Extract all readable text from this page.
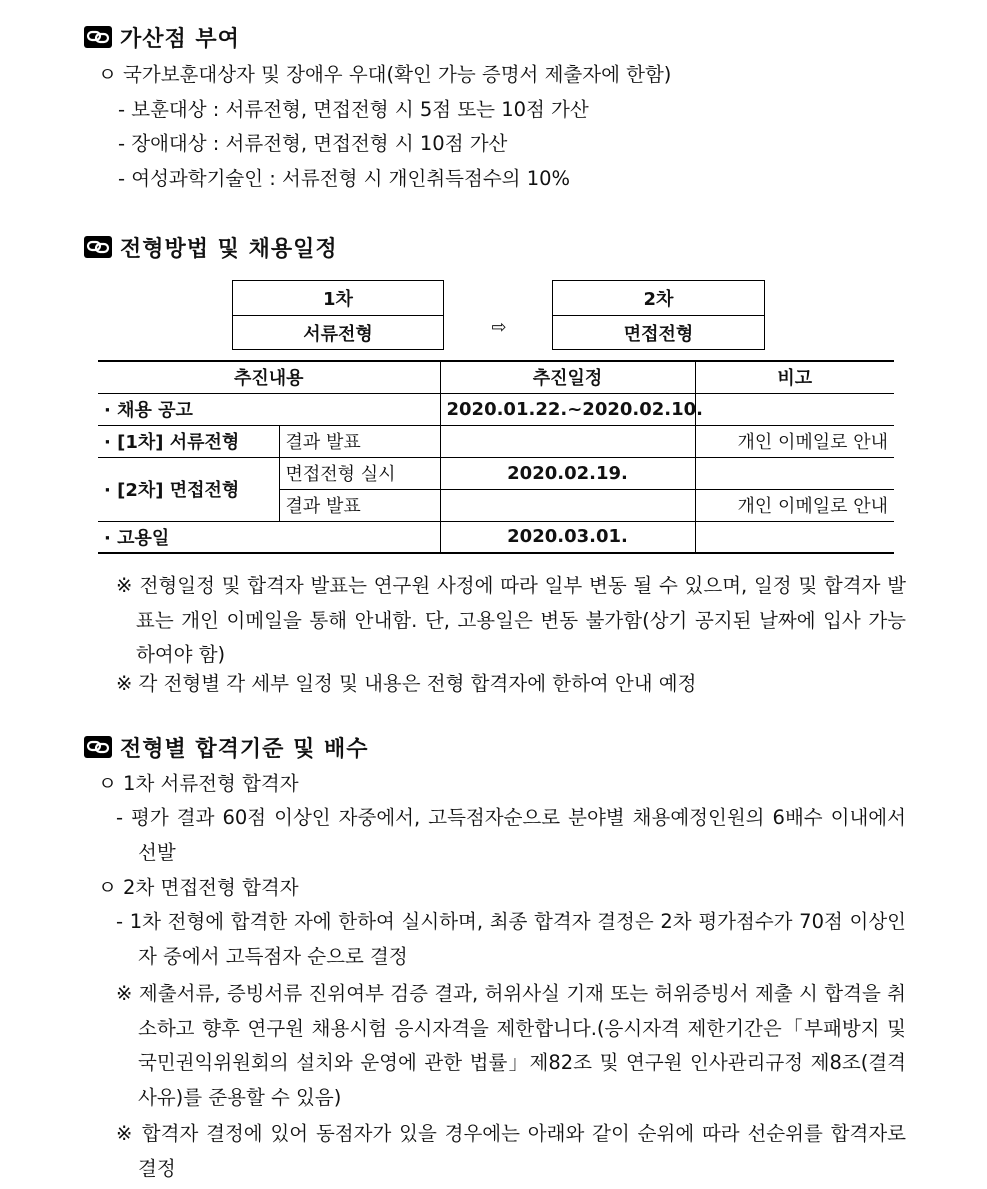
가산점 부여
ㅇ 국가보훈대상자 및 장애우 우대(확인 가능 증명서 제출자에 한함)
- 보훈대상 : 서류전형, 면접전형 시 5점 또는 10점 가산
- 장애대상 : 서류전형, 면접전형 시 10점 가산
- 여성과학기술인 : 서류전형 시 개인취득점수의 10%
전형방법 및 채용일정
1차
서류전형	⇨
2차
면접전형
추진내용		추진일정	비고
· 채용 공고		2020.01.22.~2020.02.10.	
· [1차] 서류전형	결과 발표		개인 이메일로 안내
· [2차] 면접전형	면접전형 실시	2020.02.19.	
	결과 발표		개인 이메일로 안내
· 고용일		2020.03.01.	
※ 전형일정 및 합격자 발표는 연구원 사정에 따라 일부 변동 될 수 있으며, 일정 및 합격자 발표는 개인 이메일을 통해 안내함. 단, 고용일은 변동 불가함(상기 공지된 날짜에 입사 가능하여야 함)
※ 각 전형별 각 세부 일정 및 내용은 전형 합격자에 한하여 안내 예정
전형별 합격기준 및 배수
ㅇ 1차 서류전형 합격자
- 평가 결과 60점 이상인 자중에서, 고득점자순으로 분야별 채용예정인원의 6배수 이내에서 선발
ㅇ 2차 면접전형 합격자
- 1차 전형에 합격한 자에 한하여 실시하며, 최종 합격자 결정은 2차 평가점수가 70점 이상인 자 중에서 고득점자 순으로 결정
※ 제출서류, 증빙서류 진위여부 검증 결과, 허위사실 기재 또는 허위증빙서 제출 시 합격을 취소하고 향후 연구원 채용시험 응시자격을 제한합니다.(응시자격 제한기간은「부패방지 및 국민권익위원회의 설치와 운영에 관한 법률」제82조 및 연구원 인사관리규정 제8조(결격사유)를 준용할 수 있음)
※ 합격자 결정에 있어 동점자가 있을 경우에는 아래와 같이 순위에 따라 선순위를 합격자로 결정
